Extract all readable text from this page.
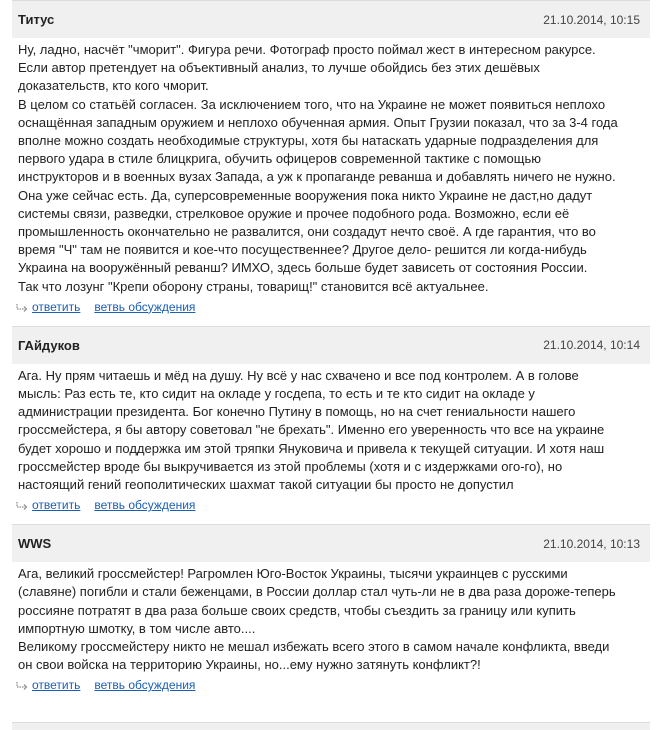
Титус	21.10.2014, 10:15
Ну, ладно, насчёт "чморит". Фигура речи. Фотограф просто поймал жест в интересном ракурсе.
Если автор претендует на объективный анализ, то лучше обойдись без этих дешёвых
доказательств, кто кого чморит.
В целом со статьёй согласен. За исключением того, что на Украине не может появиться неплохо
оснащённая западным оружием и неплохо обученная армия. Опыт Грузии показал, что за 3-4 года
вполне можно создать необходимые структуры, хотя бы натаскать ударные подразделения для
первого удара в стиле блицкрига, обучить офицеров современной тактике с помощью
инструкторов и в военных вузах Запада, а уж к пропаганде реванша и добавлять ничего не нужно.
Она уже сейчас есть. Да, суперсовременные вооружения пока никто Украине не даст,но дадут
системы связи, разведки, стрелковое оружие и прочее подобного рода. Возможно, если её
промышленность окончательно не развалится, они создадут нечто своё. А где гарантия, что во
время "Ч" там не появится и кое-что посущественнее? Другое дело- решится ли когда-нибудь
Украина на вооружённый реванш? ИМХО, здесь больше будет зависеть от состояния России.
Так что лозунг "Крепи оборону страны, товарищ!" становится всё актуальнее.
ответить ветвь обсуждения
ГАйдуков	21.10.2014, 10:14
Ага. Ну прям читаешь и мёд на душу. Ну всё у нас схвачено и все под контролем. А в голове
мысль: Раз есть те, кто сидит на окладе у госдепа, то есть и те кто сидит на окладе у
администрации президента. Бог конечно Путину в помощь, но на счет гениальности нашего
гроссмейстера, я бы автору советовал "не брехать". Именно его уверенность что все на украине
будет хорошо и поддержка им этой тряпки Януковича и привела к текущей ситуации. И хотя наш
гроссмейстер вроде бы выкручивается из этой проблемы (хотя и с издержками ого-го), но
настоящий гений геополитических шахмат такой ситуации бы просто не допустил
ответить ветвь обсуждения
WWS	21.10.2014, 10:13
Ага, великий гроссмейстер! Рагромлен Юго-Восток Украины, тысячи украинцев с русскими
(славяне) погибли и стали беженцами, в России доллар стал чуть-ли не в два раза дороже-теперь
россияне потратят в два раза больше своих средств, чтобы съездить за границу или купить
импортную шмотку, в том числе авто....
Великому гроссмейстеру никто не мешал избежать всего этого в самом начале конфликта, введи
он свои войска на территорию Украины, но...ему нужно затянуть конфликт?!
ответить ветвь обсуждения
